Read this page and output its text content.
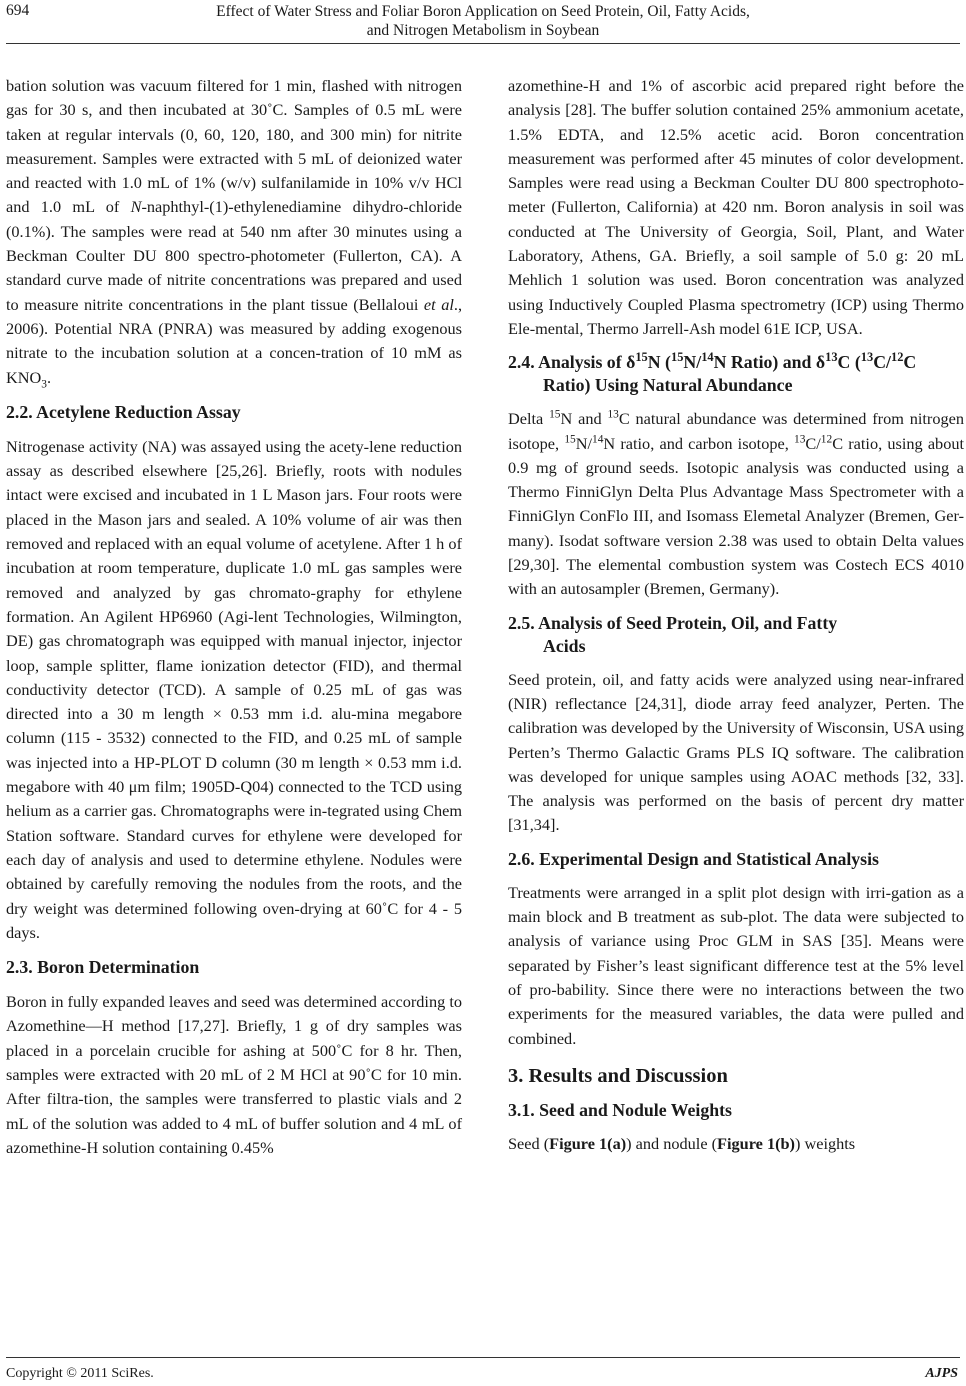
694	Effect of Water Stress and Foliar Boron Application on Seed Protein, Oil, Fatty Acids,
and Nitrogen Metabolism in Soybean

bation solution was vacuum filtered for 1 min, flashed with nitrogen gas for 30 s, and then incubated at 30˚C. Samples of 0.5 mL were taken at regular intervals (0, 60, 120, 180, and 300 min) for nitrite measurement. Samples were extracted with 5 mL of deionized water and reacted with 1.0 mL of 1% (w/v) sulfanilamide in 10% v/v HCl and 1.0 mL of N-naphthyl-(1)-ethylenediamine dihydro-chloride (0.1%). The samples were read at 540 nm after 30 minutes using a Beckman Coulter DU 800 spectro-photometer (Fullerton, CA). A standard curve made of nitrite concentrations was prepared and used to measure nitrite concentrations in the plant tissue (Bellaloui et al., 2006). Potential NRA (PNRA) was measured by adding exogenous nitrate to the incubation solution at a concen-tration of 10 mM as $KNO_3$.

2.2. Acetylene Reduction Assay

Nitrogenase activity (NA) was assayed using the acety-lene reduction assay as described elsewhere [25,26]. Briefly, roots with nodules intact were excised and incubated in 1 L Mason jars. Four roots were placed in the Mason jars and sealed. A 10% volume of air was then removed and replaced with an equal volume of acetylene. After 1 h of incubation at room temperature, duplicate 1.0 mL gas samples were removed and analyzed by gas chromato-graphy for ethylene formation. An Agilent HP6960 (Agi-lent Technologies, Wilmington, DE) gas chromatograph was equipped with manual injector, injector loop, sample splitter, flame ionization detector (FID), and thermal conductivity detector (TCD). A sample of 0.25 mL of gas was directed into a 30 m length × 0.53 mm i.d. alu-mina megabore column (115 - 3532) connected to the FID, and 0.25 mL of sample was injected into a HP-PLOT D column (30 m length × 0.53 mm i.d. megabore with 40 μm film; 1905D-Q04) connected to the TCD using helium as a carrier gas. Chromatographs were in-tegrated using Chem Station software. Standard curves for ethylene were developed for each day of analysis and used to determine ethylene. Nodules were obtained by carefully removing the nodules from the roots, and the dry weight was determined following oven-drying at 60˚C for 4 - 5 days.

2.3. Boron Determination

Boron in fully expanded leaves and seed was determined according to Azomethine—H method [17,27]. Briefly, 1 g of dry samples was placed in a porcelain crucible for ashing at 500˚C for 8 hr. Then, samples were extracted with 20 mL of 2 M HCl at 90˚C for 10 min. After filtra-tion, the samples were transferred to plastic vials and 2 mL of the solution was added to 4 mL of buffer solution and 4 mL of azomethine-H solution containing 0.45%

azomethine-H and 1% of ascorbic acid prepared right before the analysis [28]. The buffer solution contained 25% ammonium acetate, 1.5% EDTA, and 12.5% acetic acid. Boron concentration measurement was performed after 45 minutes of color development. Samples were read using a Beckman Coulter DU 800 spectrophoto-meter (Fullerton, California) at 420 nm. Boron analysis in soil was conducted at The University of Georgia, Soil, Plant, and Water Laboratory, Athens, GA. Briefly, a soil sample of 5.0 g: 20 mL Mehlich 1 solution was used. Boron concentration was analyzed using Inductively Coupled Plasma spectrometry (ICP) using Thermo Ele-mental, Thermo Jarrell-Ash model 61E ICP, USA.

2.4. Analysis of $\delta^{15}N$ ($^{15}$N/$^{14}$N Ratio) and $\delta^{13}C$ ($^{13}$C/$^{12}$C Ratio) Using Natural Abundance

Delta $^{15}$N and $^{13}$C natural abundance was determined from nitrogen isotope, $^{15}$N/$^{14}$N ratio, and carbon isotope, $^{13}$C/$^{12}$C ratio, using about 0.9 mg of ground seeds. Isotopic analysis was conducted using a Thermo FinniGlyn Delta Plus Advantage Mass Spectrometer with a FinniGlyn ConFlo III, and Isomass Elemetal Analyzer (Bremen, Ger-many). Isodat software version 2.38 was used to obtain Delta values [29,30]. The elemental combustion system was Costech ECS 4010 with an autosampler (Bremen, Germany).

2.5. Analysis of Seed Protein, Oil, and Fatty
Acids

Seed protein, oil, and fatty acids were analyzed using near-infrared (NIR) reflectance [24,31], diode array feed analyzer, Perten. The calibration was developed by the University of Wisconsin, USA using Perten’s Thermo Galactic Grams PLS IQ software. The calibration was developed for unique samples using AOAC methods [32, 33]. The analysis was performed on the basis of percent dry matter [31,34].

2.6. Experimental Design and Statistical Analysis

Treatments were arranged in a split plot design with irri-gation as a main block and B treatment as sub-plot. The data were subjected to analysis of variance using Proc GLM in SAS [35]. Means were separated by Fisher’s least significant difference test at the 5% level of pro-bability. Since there were no interactions between the two experiments for the measured variables, the data were pulled and combined.

3. Results and Discussion
3.1. Seed and Nodule Weights

Seed (Figure 1(a)) and nodule (Figure 1(b)) weights

Copyright © 2011 SciRes.	AJPS
